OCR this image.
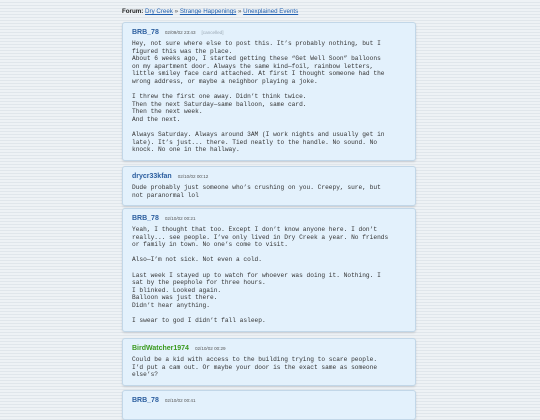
Forum: Dry Creek » Strange Happenings » Unexplained Events
BRB_78 02/09/02 23:43 [cancelled]
Hey, not sure where else to post this. It’s probably nothing, but I
figured this was the place.
About 6 weeks ago, I started getting these “Get Well Soon” balloons
on my apartment door. Always the same kind—foil, rainbow letters,
little smiley face card attached. At first I thought someone had the
wrong address, or maybe a neighbor playing a joke.

I threw the first one away. Didn’t think twice.
Then the next Saturday—same balloon, same card.
Then the next week.
And the next.

Always Saturday. Always around 3AM (I work nights and usually get in
late). It’s just... there. Tied neatly to the handle. No sound. No
knock. No one in the hallway.
drycr33kfan 02/10/02 00:12
Dude probably just someone who’s crushing on you. Creepy, sure, but
not paranormal lol
BRB_78 02/10/02 00:21
Yeah, I thought that too. Except I don’t know anyone here. I don’t
really... see people. I’ve only lived in Dry Creek a year. No friends
or family in town. No one’s come to visit.

Also—I’m not sick. Not even a cold.

Last week I stayed up to watch for whoever was doing it. Nothing. I
sat by the peephole for three hours.
I blinked. Looked again.
Balloon was just there.
Didn’t hear anything.

I swear to god I didn’t fall asleep.
BirdWatcher1974 02/10/02 00:29
Could be a kid with access to the building trying to scare people.
I’d put a cam out. Or maybe your door is the exact same as someone
else’s?
BRB_78 02/10/02 00:41
